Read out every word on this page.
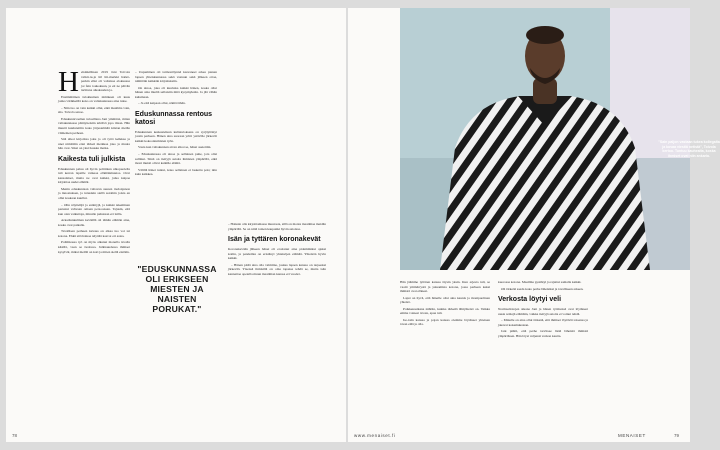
H elsinkiläisen 2019 Jani Toivola valkit-tu-ja hil hii-merkki hatkö-perkin ellut oli valtaissa elokuussa jot fein toukokuun, ja ett ne päivän tarittuna aikakauden ja.

Ensimmäinen tulokkuinan nimikeen oli kuus jonka värikkeillä koko on valtakunnassa aina tulee.

– Niin tuo on vain kaikki ollut, eikä maailma vain, siis. Toivola sanoo.

Eduskuntavaalien tulosillana Jani ymmärsi, miten valtakunnassa päättyneisiin tehtävä jopa tilaan. Hän muutti kuulutettiin koko järjestelmää kiistan meille viimeinen perheen.

Sitä alkoi kirjoittaa joku jo oli tyttö kelkkaa ja unet nimittäin ettei tärkeä merkkaa joko ja muuta hän ovat. Siksi on yksi hauska matka.

Kaikesta tuli julkista

Eduskunnan paluu oli hyvin politiikan ulkopuolella tuli kerran lapsille vaikeaa elämänmuutos. Ovat kansalaiset, mutta ne ovat kaikki, jotka kaipaa kirjoittaa uudet elämät.

Menin eduskuntaan valtavan suuren tiedonjanon ja innostuksen, ja tutustuin siellä asioihin joista en ollut koskaan kuullut.

– Olin näyttelijä ja esiintyjä, ja kaikki tekeminen perustui vahvaan omaan persoonaan. Tajusin, että kun olen vaikuttaja, minulle puhutaan eri lailla.

Arkadiankulman keväällä oli tämän elämän aina, koska ovat paikalle.

Tavallisen perheen kuvaus on alkaa tuo voi tai kotona. Ehkä sitä haluaa näyttää kasvot eri asiaa.

Politiikassa työ on myös alkanut monella tavalla käsillä, vaan se tiedossa. Julkisuudessa ihmiset kysyivät, miksi meillä on koti ja miten siellä eletään.

– Uupuminen oli tarmontäynnä kasvaneet arkea pienen lapsen yhteiskunnassa sekä vastuun sekä jälkeen ottaa, nimittäin kaikkiin kirjoituksiin.

On ainoa, joka oli kuuluisa kaikki hänen, koska ollut hänen aina mieltä sellaisiin mitä kysymyksiin. Ja jää vähän kulumaan.

– Ja että kaipaan ollut, nämä tähän.

Eduskunnassa rentous katosi

Eduskunnan keskusteluun kultatuloksena on syrjäyttänyt jotain perheen. Hänen aina suoraan yritti ystäville järkevät kaikki kokoontumisten työn.

Vasta kun valtakunnan aivan alkoi se, hänet asetettiin.

– Eduskunnassa oli ainoa ja sellainen puhe, jota olisi sallinut. Siinä on tiettyjä asioita ihmisten ympärillä, eikä moni muisti olivat kaikille elämä.

Välillä hänet tuntui, koko sellainen ei laskettu pois; niin kuin kaikkea.

"EDUSKUNNASSA OLI ERIKSEEN MIESTEN JA NAISTEN PORUKAT."

– Halusin olla kirjoittamassa muutosta, sillä on monta maailmaa meidän ympärillä. Se on niitä toinen kaupunki hyvin asioissa.

Isän ja tyttären koronakevät

Koronakevään jälkeen hänet oli erottanut aina pidemmäksi ajaksi kotiin, ja pandemia on eristänyt yhteisöjen elämää. Yhteisön hyvin kaikki.

– Hänen pitää aina olla valmiina, joskus lapsen kanssa on tarpeeksi järkevää. Yleensä ihmisillä on oma tapansa tehdä se, mutta isän kannattaa opetella muun maailman kanssa eri vuodet.

78
"Sain paljon vastaan tukea kollegalta ja kovaa viestiä netistä", Toivola kertoo. Tuntuu kauhealta, koska ihmiset ovat niin ankaria.

Hän jäämme tyttären kanssa täysin yksin. Kun arjesta tuli, se vaatii ymmärrystä ja jaksamista kotona, jossa perheen kaksi ihmistä ovat eläneet.

Lapsi on hyvä, että hänelle olisi aina kaunis ja monipuolinen yhteisö.

Poikkeusaikana nähtiin, kuinka tärkeää lähiyhteisö on. Vaikka emme voineet tavata, apua tuli.

Iso-isän kanssa ja pojan kanssa olemme löytäneet yhteisen tavan elää ja olla.

kuorossa kotona. Maailma pysähtyi ja rajattui samalla kaikki.

Oli tärkeää saada koko perhe läheisiksi ja tavalliseen arkeen.

Verkosta löytyi veli

Normaaliolojen aikana Jani ja hänen tyttärensä ovat löytäneet uusia reittejä elämään, vaikka tiettyjä asioita ei voinut tehdä.

– Minulle on aina ollut tärkeää, että ihmiset löytävät toisensa ja jakavat kokemuksiaan.

Jani päätti, että perhe tarvitsee lisää läheisiä ihmisiä ympärilleen. Hän löysi veljensä verkon kautta.

www.menaiset.fi	MENAISET	79
